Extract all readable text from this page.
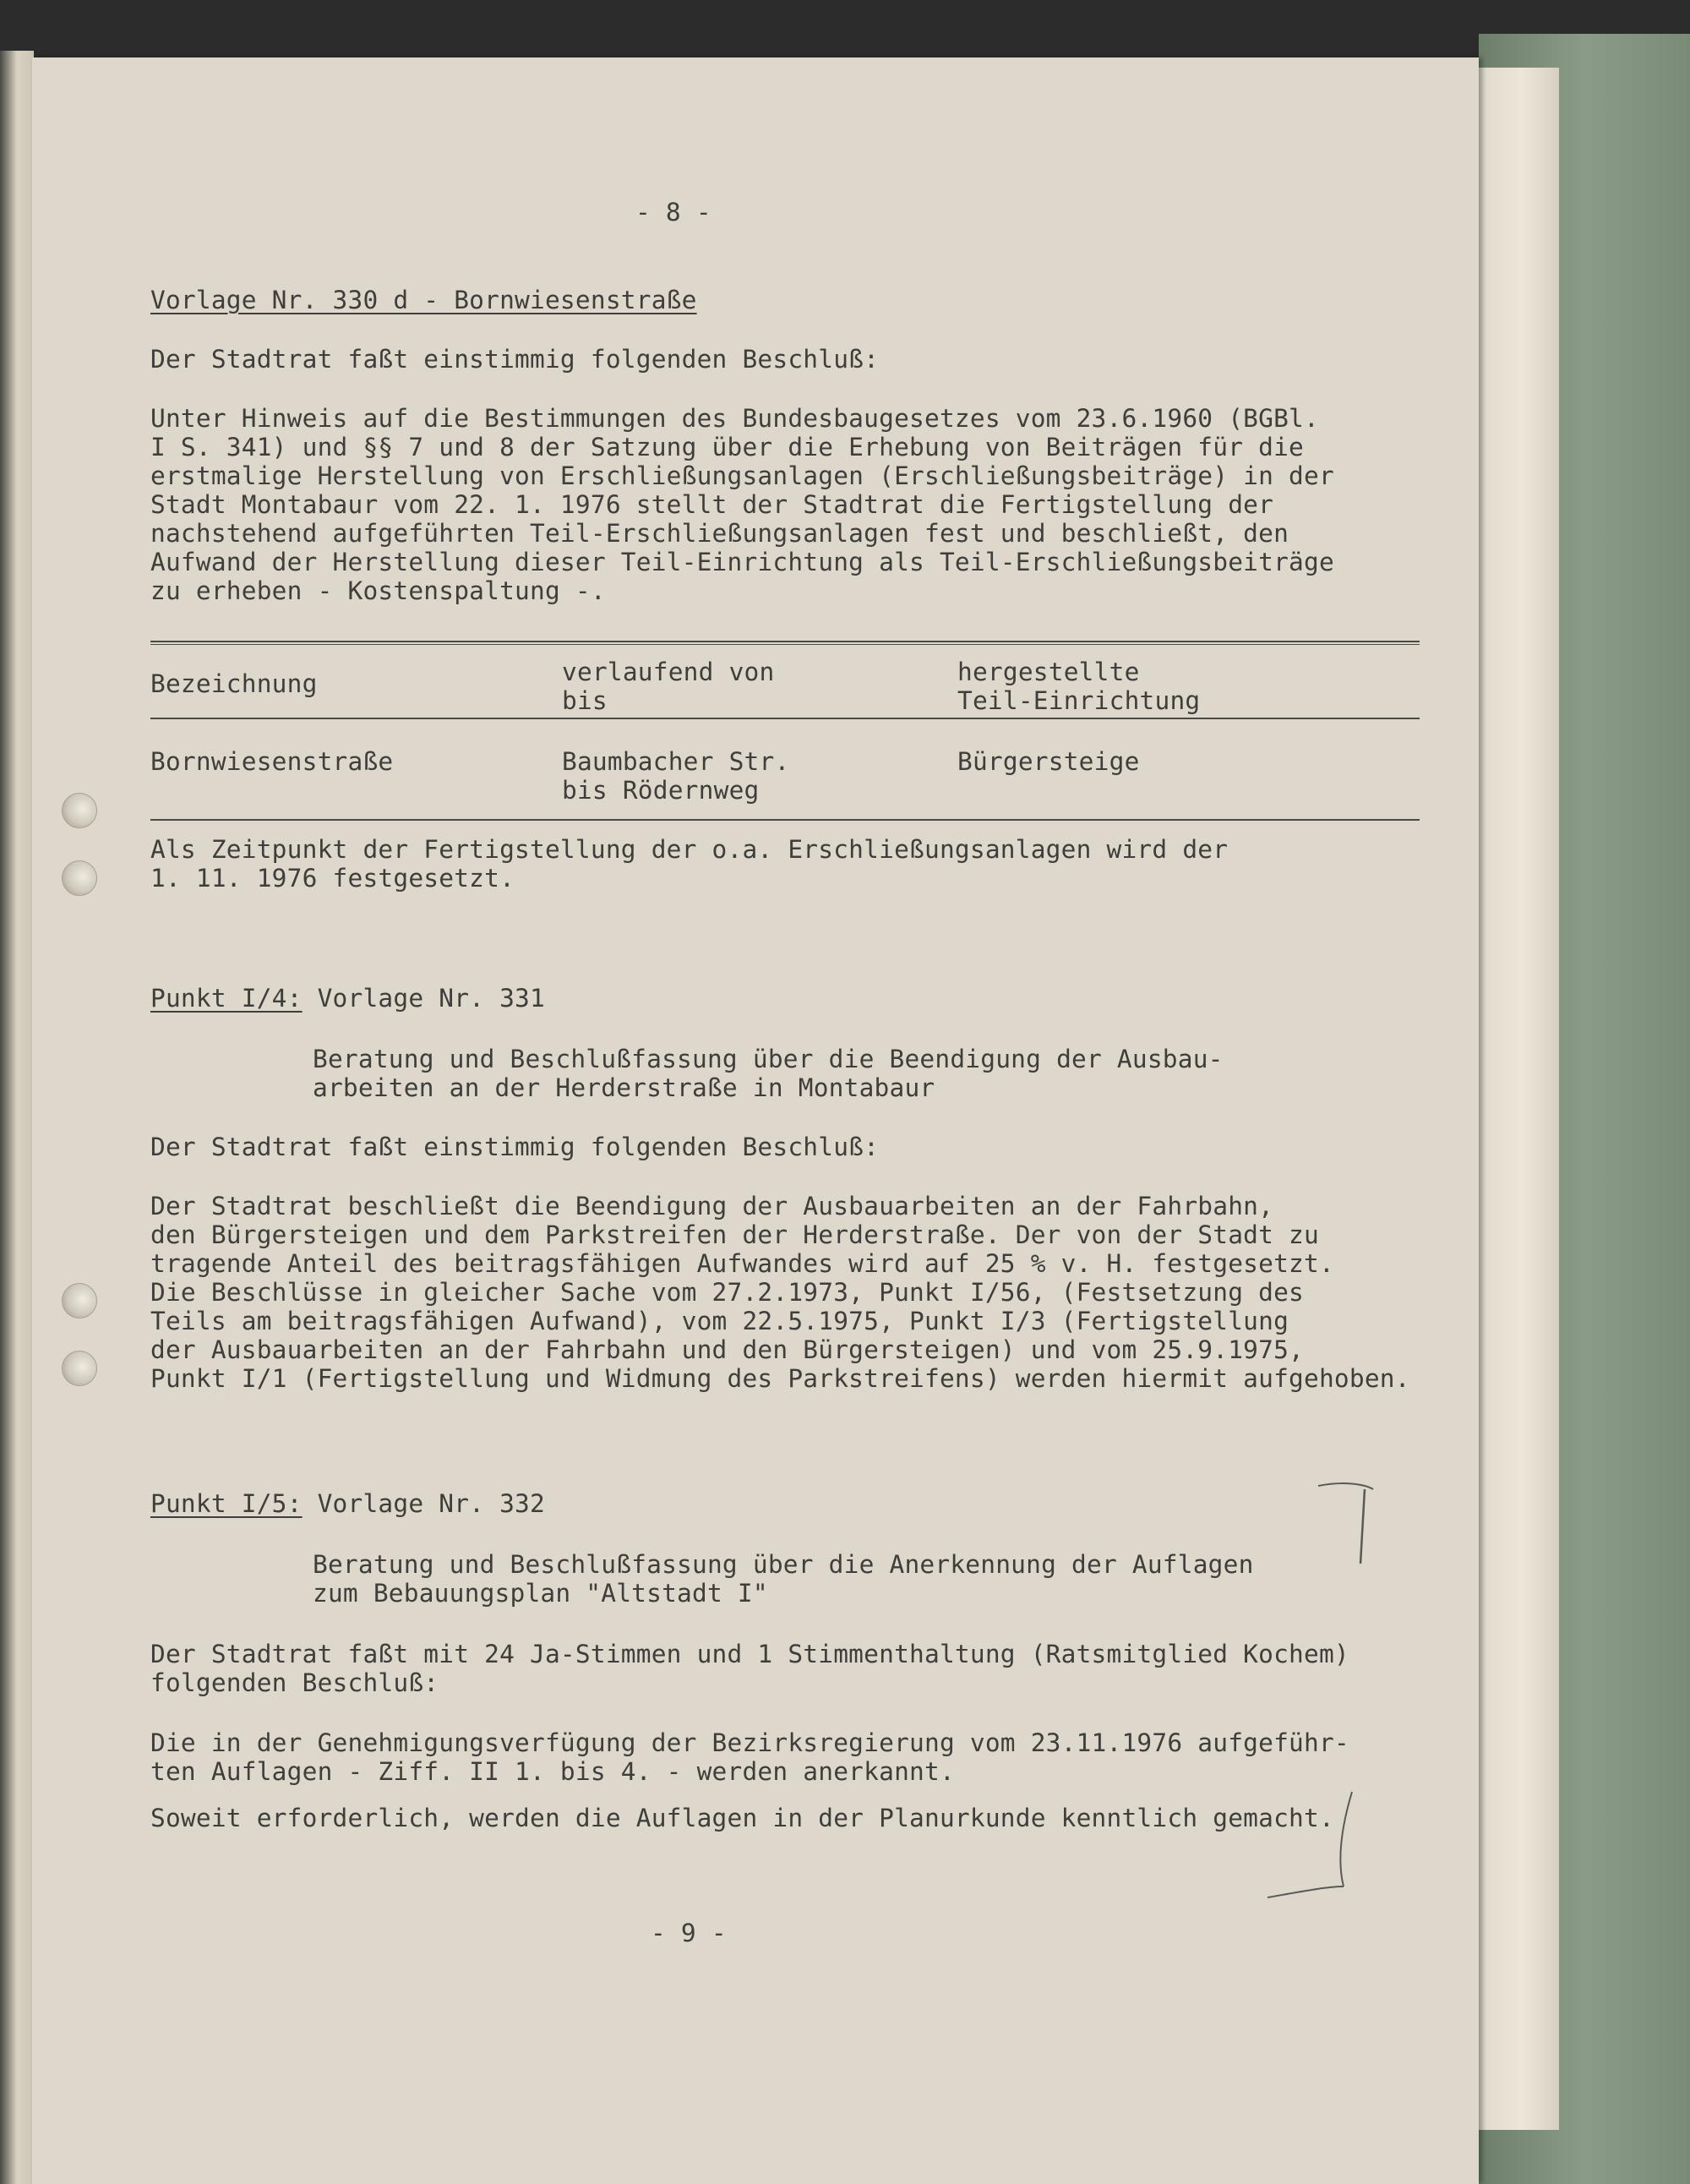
- 8 -

Vorlage Nr. 330 d - Bornwiesenstraße

Der Stadtrat faßt einstimmig folgenden Beschluß:

Unter Hinweis auf die Bestimmungen des Bundesbaugesetzes vom 23.6.1960 (BGBl.
I S. 341) und §§ 7 und 8 der Satzung über die Erhebung von Beiträgen für die
erstmalige Herstellung von Erschließungsanlagen (Erschließungsbeiträge) in der
Stadt Montabaur vom 22. 1. 1976 stellt der Stadtrat die Fertigstellung der
nachstehend aufgeführten Teil-Erschließungsanlagen fest und beschließt, den
Aufwand der Herstellung dieser Teil-Einrichtung als Teil-Erschließungsbeiträge
zu erheben - Kostenspaltung -.

Bezeichnung	verlaufend von
bis

hergestellte
Teil-Einrichtung

Bornwiesenstraße	Baumbacher Str.
bis Rödernweg

Bürgersteige

Als Zeitpunkt der Fertigstellung der o.a. Erschließungsanlagen wird der
1. 11. 1976 festgesetzt.

Punkt I/4: Vorlage Nr. 331

Beratung und Beschlußfassung über die Beendigung der Ausbau-
arbeiten an der Herderstraße in Montabaur

Der Stadtrat faßt einstimmig folgenden Beschluß:

Der Stadtrat beschließt die Beendigung der Ausbauarbeiten an der Fahrbahn,
den Bürgersteigen und dem Parkstreifen der Herderstraße. Der von der Stadt zu
tragende Anteil des beitragsfähigen Aufwandes wird auf 25 % v. H. festgesetzt.
Die Beschlüsse in gleicher Sache vom 27.2.1973, Punkt I/56, (Festsetzung des
Teils am beitragsfähigen Aufwand), vom 22.5.1975, Punkt I/3 (Fertigstellung
der Ausbauarbeiten an der Fahrbahn und den Bürgersteigen) und vom 25.9.1975,
Punkt I/1 (Fertigstellung und Widmung des Parkstreifens) werden hiermit aufgehoben.

Punkt I/5: Vorlage Nr. 332

Beratung und Beschlußfassung über die Anerkennung der Auflagen
zum Bebauungsplan "Altstadt I"

Der Stadtrat faßt mit 24 Ja-Stimmen und 1 Stimmenthaltung (Ratsmitglied Kochem)
folgenden Beschluß:

Die in der Genehmigungsverfügung der Bezirksregierung vom 23.11.1976 aufgeführ-
ten Auflagen - Ziff. II 1. bis 4. - werden anerkannt.

Soweit erforderlich, werden die Auflagen in der Planurkunde kenntlich gemacht.

- 9 -
